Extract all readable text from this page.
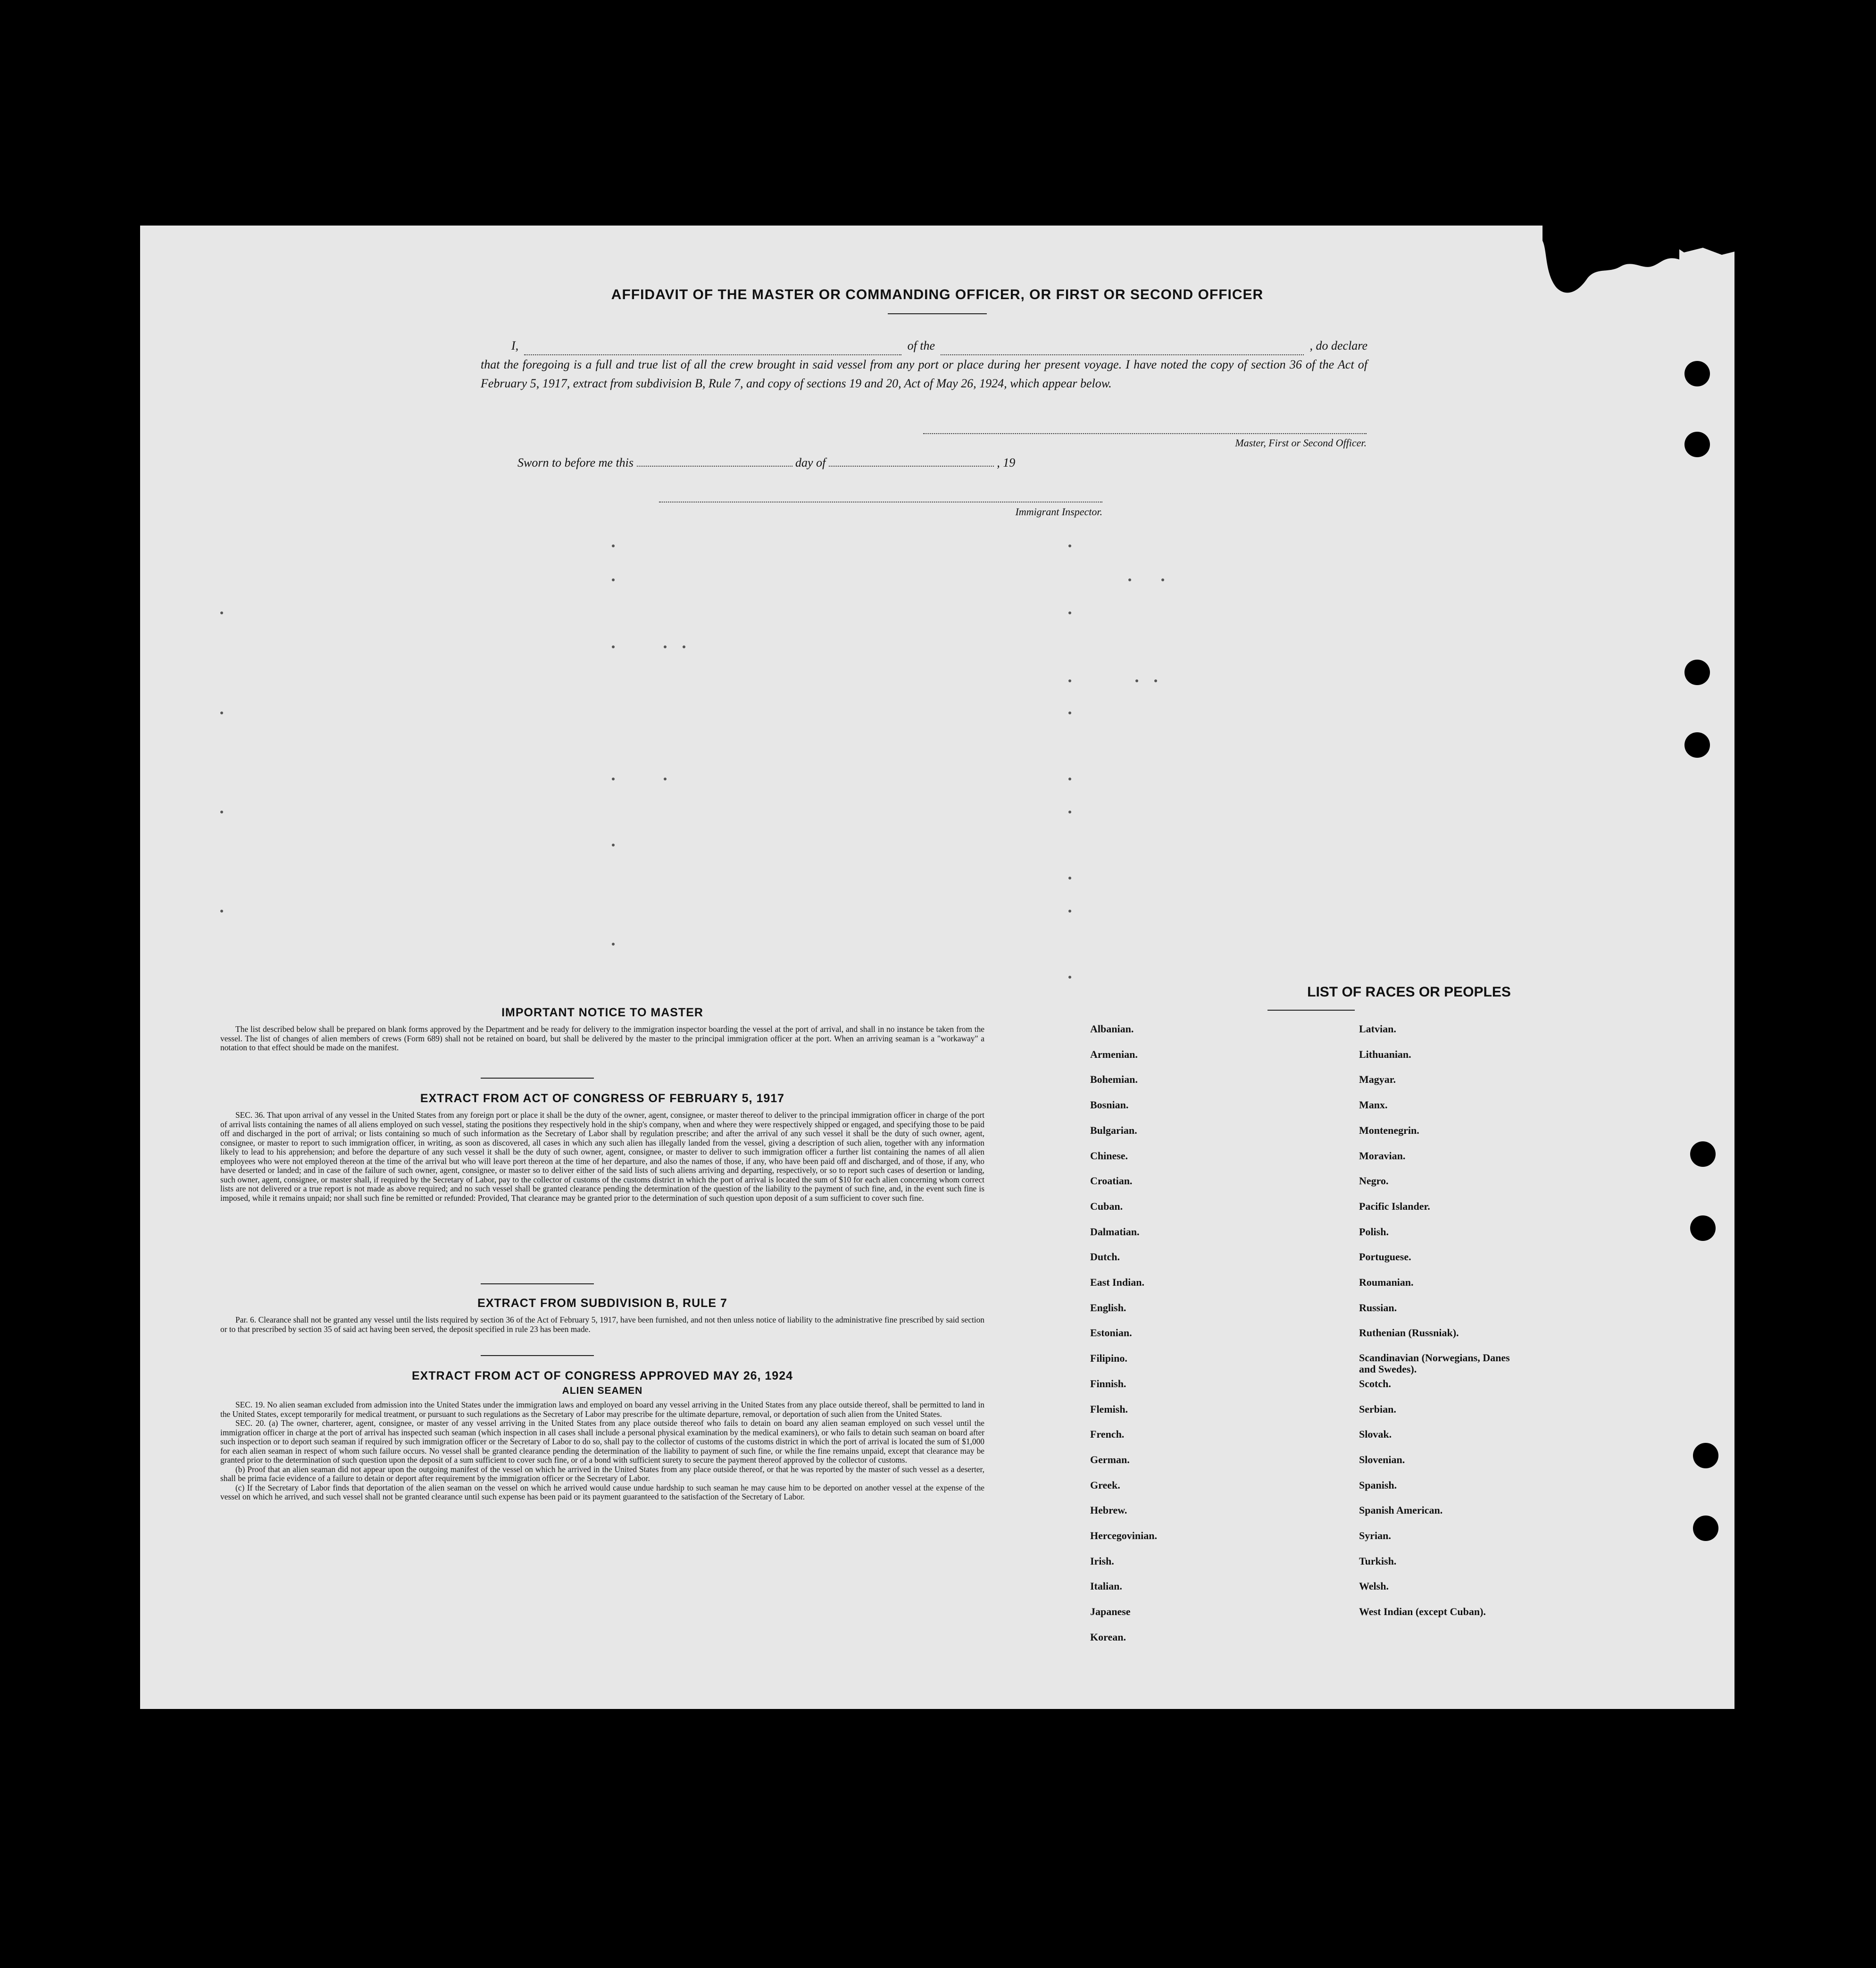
AFFIDAVIT OF THE MASTER OR COMMANDING OFFICER, OR FIRST OR SECOND OFFICER
I,	of the	, do declare
that the foregoing is a full and true list of all the crew brought in said vessel from any port or place during her present voyage. I have noted the copy of section 36 of the Act of February 5, 1917, extract from subdivision B, Rule 7, and copy of sections 19 and 20, Act of May 26, 1924, which appear below.
Master, First or Second Officer.
Sworn to before me this	day of	, 19
Immigrant Inspector.
IMPORTANT NOTICE TO MASTER

The list described below shall be prepared on blank forms approved by the Department and be ready for delivery to the immigration inspector boarding the vessel at the port of arrival, and shall in no instance be taken from the vessel. The list of changes of alien members of crews (Form 689) shall not be retained on board, but shall be delivered by the master to the principal immigration officer at the port. When an arriving seaman is a "workaway" a notation to that effect should be made on the manifest.

EXTRACT FROM ACT OF CONGRESS OF FEBRUARY 5, 1917

SEC. 36. That upon arrival of any vessel in the United States from any foreign port or place it shall be the duty of the owner, agent, consignee, or master thereof to deliver to the principal immigration officer in charge of the port of arrival lists containing the names of all aliens employed on such vessel, stating the positions they respectively hold in the ship's company, when and where they were respectively shipped or engaged, and specifying those to be paid off and discharged in the port of arrival; or lists containing so much of such information as the Secretary of Labor shall by regulation prescribe; and after the arrival of any such vessel it shall be the duty of such owner, agent, consignee, or master to report to such immigration officer, in writing, as soon as discovered, all cases in which any such alien has illegally landed from the vessel, giving a description of such alien, together with any information likely to lead to his apprehension; and before the departure of any such vessel it shall be the duty of such owner, agent, consignee, or master to deliver to such immigration officer a further list containing the names of all alien employees who were not employed thereon at the time of the arrival but who will leave port thereon at the time of her departure, and also the names of those, if any, who have been paid off and discharged, and of those, if any, who have deserted or landed; and in case of the failure of such owner, agent, consignee, or master so to deliver either of the said lists of such aliens arriving and departing, respectively, or so to report such cases of desertion or landing, such owner, agent, consignee, or master shall, if required by the Secretary of Labor, pay to the collector of customs of the customs district in which the port of arrival is located the sum of $10 for each alien concerning whom correct lists are not delivered or a true report is not made as above required; and no such vessel shall be granted clearance pending the determination of the question of the liability to the payment of such fine, and, in the event such fine is imposed, while it remains unpaid; nor shall such fine be remitted or refunded: Provided, That clearance may be granted prior to the determination of such question upon deposit of a sum sufficient to cover such fine.

EXTRACT FROM SUBDIVISION B, RULE 7

Par. 6. Clearance shall not be granted any vessel until the lists required by section 36 of the Act of February 5, 1917, have been furnished, and not then unless notice of liability to the administrative fine prescribed by said section or to that prescribed by section 35 of said act having been served, the deposit specified in rule 23 has been made.

EXTRACT FROM ACT OF CONGRESS APPROVED MAY 26, 1924
ALIEN SEAMEN

SEC. 19. No alien seaman excluded from admission into the United States under the immigration laws and employed on board any vessel arriving in the United States from any place outside thereof, shall be permitted to land in the United States, except temporarily for medical treatment, or pursuant to such regulations as the Secretary of Labor may prescribe for the ultimate departure, removal, or deportation of such alien from the United States.

SEC. 20. (a) The owner, charterer, agent, consignee, or master of any vessel arriving in the United States from any place outside thereof who fails to detain on board any alien seaman employed on such vessel until the immigration officer in charge at the port of arrival has inspected such seaman (which inspection in all cases shall include a personal physical examination by the medical examiners), or who fails to detain such seaman on board after such inspection or to deport such seaman if required by such immigration officer or the Secretary of Labor to do so, shall pay to the collector of customs of the customs district in which the port of arrival is located the sum of $1,000 for each alien seaman in respect of whom such failure occurs. No vessel shall be granted clearance pending the determination of the liability to payment of such fine, or while the fine remains unpaid, except that clearance may be granted prior to the determination of such question upon the deposit of a sum sufficient to cover such fine, or of a bond with sufficient surety to secure the payment thereof approved by the collector of customs.

(b) Proof that an alien seaman did not appear upon the outgoing manifest of the vessel on which he arrived in the United States from any place outside thereof, or that he was reported by the master of such vessel as a deserter, shall be prima facie evidence of a failure to detain or deport after requirement by the immigration officer or the Secretary of Labor.

(c) If the Secretary of Labor finds that deportation of the alien seaman on the vessel on which he arrived would cause undue hardship to such seaman he may cause him to be deported on another vessel at the expense of the vessel on which he arrived, and such vessel shall not be granted clearance until such expense has been paid or its payment guaranteed to the satisfaction of the Secretary of Labor.

LIST OF RACES OR PEOPLES
Albanian.
Armenian.
Bohemian.
Bosnian.
Bulgarian.
Chinese.
Croatian.
Cuban.
Dalmatian.
Dutch.
East Indian.
English.
Estonian.
Filipino.
Finnish.
Flemish.
French.
German.
Greek.
Hebrew.
Hercegovinian.
Irish.
Italian.
Japanese
Korean.
Latvian.
Lithuanian.
Magyar.
Manx.
Montenegrin.
Moravian.
Negro.
Pacific Islander.
Polish.
Portuguese.
Roumanian.
Russian.
Ruthenian (Russniak).
Scandinavian (Norwegians, Danes and Swedes).
Scotch.
Serbian.
Slovak.
Slovenian.
Spanish.
Spanish American.
Syrian.
Turkish.
Welsh.
West Indian (except Cuban).
